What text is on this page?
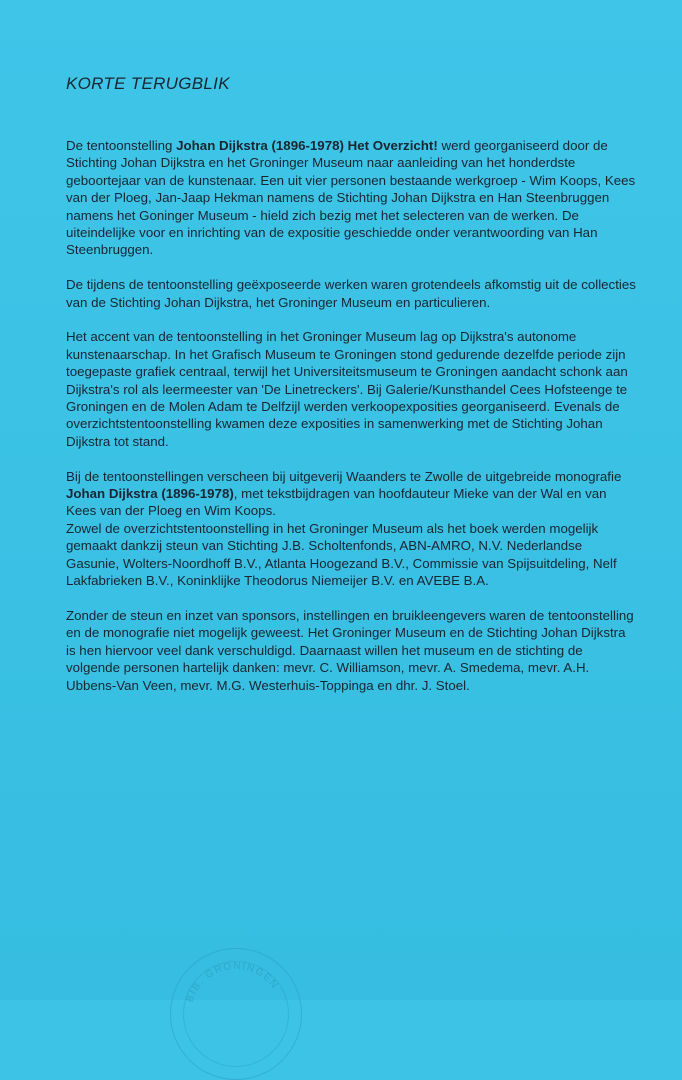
KORTE TERUGBLIK

De tentoonstelling Johan Dijkstra (1896-1978) Het Overzicht! werd georganiseerd door de Stichting Johan Dijkstra en het Groninger Museum naar aanleiding van het honderdste geboortejaar van de kunstenaar. Een uit vier personen bestaande werkgroep - Wim Koops, Kees van der Ploeg, Jan-Jaap Hekman namens de Stichting Johan Dijkstra en Han Steenbruggen namens het Goninger Museum - hield zich bezig met het selecteren van de werken. De uiteindelijke voor en inrichting van de expositie geschiedde onder verantwoording van Han Steenbruggen.

De tijdens de tentoonstelling geëxposeerde werken waren grotendeels afkomstig uit de collecties van de Stichting Johan Dijkstra, het Groninger Museum en particulieren.

Het accent van de tentoonstelling in het Groninger Museum lag op Dijkstra's autonome kunstenaarschap. In het Grafisch Museum te Groningen stond gedurende dezelfde periode zijn toegepaste grafiek centraal, terwijl het Universiteitsmuseum te Groningen aandacht schonk aan Dijkstra's rol als leermeester van 'De Linetreckers'. Bij Galerie/Kunsthandel Cees Hofsteenge te Groningen en de Molen Adam te Delfzijl werden verkoopexposities georganiseerd. Evenals de overzichtstentoonstelling kwamen deze exposities in samenwerking met de Stichting Johan Dijkstra tot stand.

Bij de tentoonstellingen verscheen bij uitgeverij Waanders te Zwolle de uitgebreide monografie Johan Dijkstra (1896-1978), met tekstbijdragen van hoofdauteur Mieke van der Wal en van Kees van der Ploeg en Wim Koops.

Zowel de overzichtstentoonstelling in het Groninger Museum als het boek werden mogelijk gemaakt dankzij steun van Stichting J.B. Scholtenfonds, ABN-AMRO, N.V. Nederlandse Gasunie, Wolters-Noordhoff B.V., Atlanta Hoogezand B.V., Commissie van Spijsuitdeling, Nelf Lakfabrieken B.V., Koninklijke Theodorus Niemeijer B.V. en AVEBE B.A.

Zonder de steun en inzet van sponsors, instellingen en bruikleengevers waren de tentoonstelling en de monografie niet mogelijk geweest. Het Groninger Museum en de Stichting Johan Dijkstra is hen hiervoor veel dank verschuldigd. Daarnaast willen het museum en de stichting de volgende personen hartelijk danken: mevr. C. Williamson, mevr. A. Smedema, mevr. A.H. Ubbens-Van Veen, mevr. M.G. Westerhuis-Toppinga en dhr. J. Stoel.

BIB. GRONINGEN
